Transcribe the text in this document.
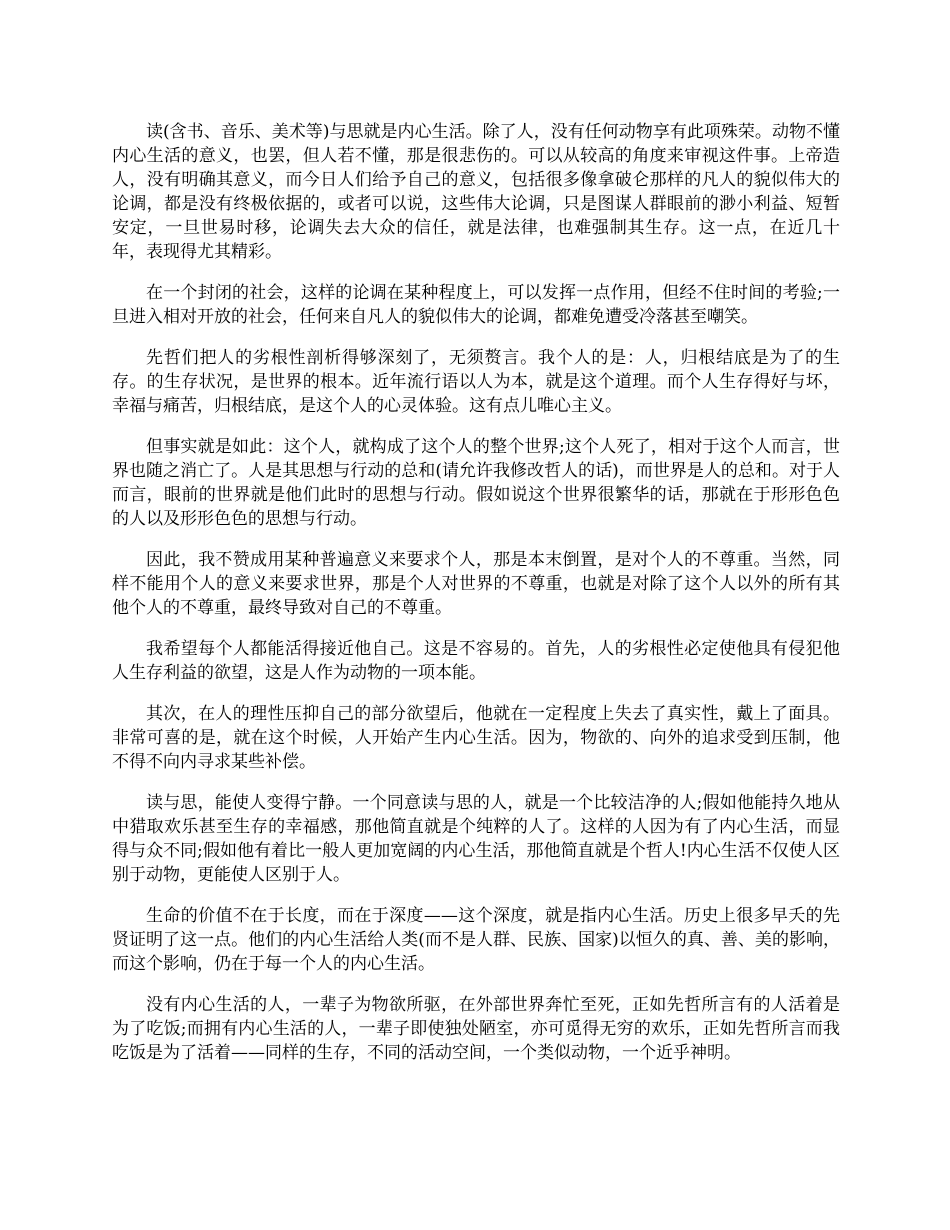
读(含书、音乐、美术等)与思就是内心生活。除了人，没有任何动物享有此项殊荣。动物不懂内心生活的意义，也罢，但人若不懂，那是很悲伤的。可以从较高的角度来审视这件事。上帝造人，没有明确其意义，而今日人们给予自己的意义，包括很多像拿破仑那样的凡人的貌似伟大的论调，都是没有终极依据的，或者可以说，这些伟大论调，只是图谋人群眼前的渺小利益、短暂安定，一旦世易时移，论调失去大众的信任，就是法律，也难强制其生存。这一点，在近几十年，表现得尤其精彩。

在一个封闭的社会，这样的论调在某种程度上，可以发挥一点作用，但经不住时间的考验;一旦进入相对开放的社会，任何来自凡人的貌似伟大的论调，都难免遭受冷落甚至嘲笑。

先哲们把人的劣根性剖析得够深刻了，无须赘言。我个人的是：人，归根结底是为了的生存。的生存状况，是世界的根本。近年流行语以人为本，就是这个道理。而个人生存得好与坏，幸福与痛苦，归根结底，是这个人的心灵体验。这有点儿唯心主义。

但事实就是如此：这个人，就构成了这个人的整个世界;这个人死了，相对于这个人而言，世界也随之消亡了。人是其思想与行动的总和(请允许我修改哲人的话)，而世界是人的总和。对于人而言，眼前的世界就是他们此时的思想与行动。假如说这个世界很繁华的话，那就在于形形色色的人以及形形色色的思想与行动。

因此，我不赞成用某种普遍意义来要求个人，那是本末倒置，是对个人的不尊重。当然，同样不能用个人的意义来要求世界，那是个人对世界的不尊重，也就是对除了这个人以外的所有其他个人的不尊重，最终导致对自己的不尊重。

我希望每个人都能活得接近他自己。这是不容易的。首先，人的劣根性必定使他具有侵犯他人生存利益的欲望，这是人作为动物的一项本能。

其次，在人的理性压抑自己的部分欲望后，他就在一定程度上失去了真实性，戴上了面具。非常可喜的是，就在这个时候，人开始产生内心生活。因为，物欲的、向外的追求受到压制，他不得不向内寻求某些补偿。

读与思，能使人变得宁静。一个同意读与思的人，就是一个比较洁净的人;假如他能持久地从中猎取欢乐甚至生存的幸福感，那他简直就是个纯粹的人了。这样的人因为有了内心生活，而显得与众不同;假如他有着比一般人更加宽阔的内心生活，那他简直就是个哲人!内心生活不仅使人区别于动物，更能使人区别于人。

生命的价值不在于长度，而在于深度——这个深度，就是指内心生活。历史上很多早夭的先贤证明了这一点。他们的内心生活给人类(而不是人群、民族、国家)以恒久的真、善、美的影响，而这个影响，仍在于每一个人的内心生活。

没有内心生活的人，一辈子为物欲所驱，在外部世界奔忙至死，正如先哲所言有的人活着是为了吃饭;而拥有内心生活的人，一辈子即使独处陋室，亦可觅得无穷的欢乐，正如先哲所言而我吃饭是为了活着——同样的生存，不同的活动空间，一个类似动物，一个近乎神明。
